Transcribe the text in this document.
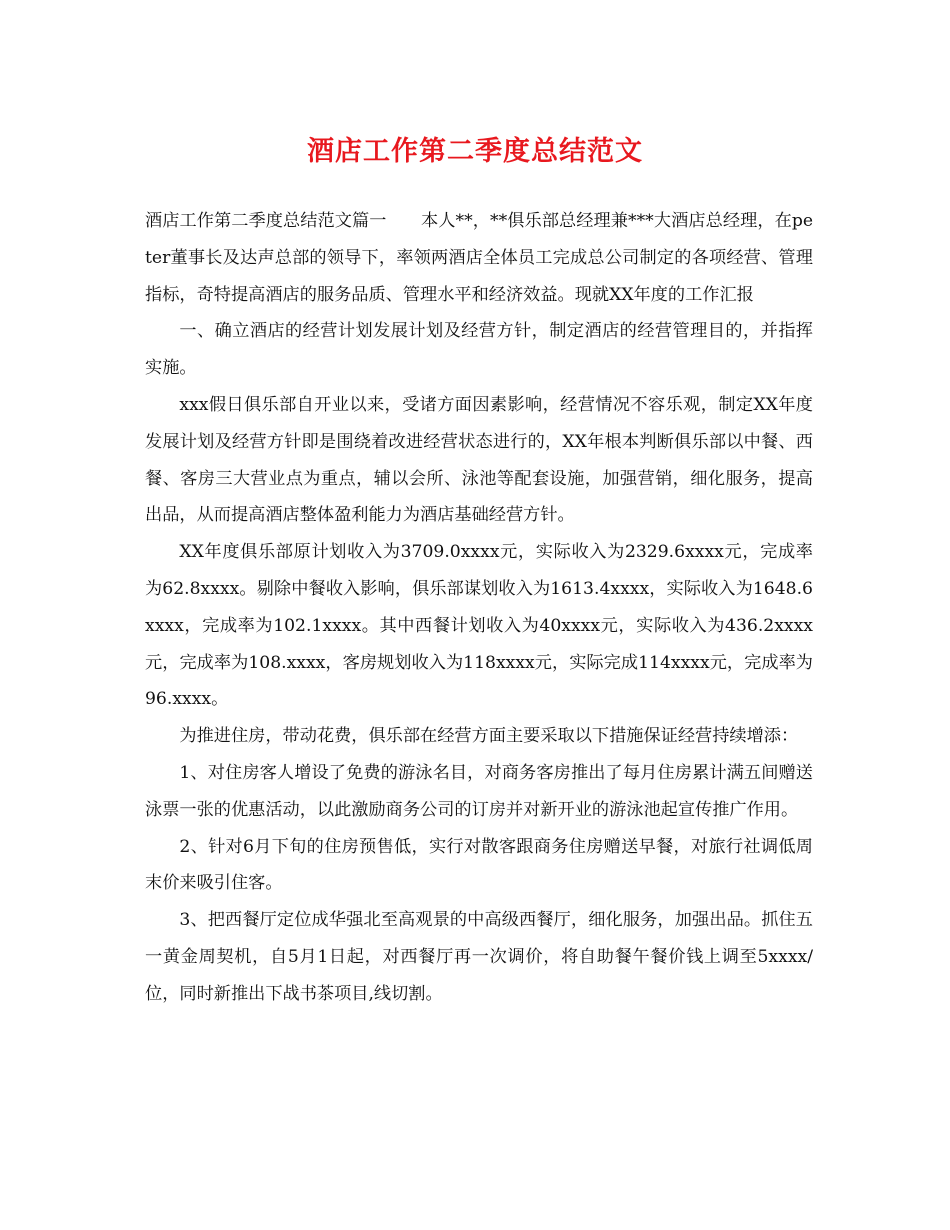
酒店工作第二季度总结范文

酒店工作第二季度总结范文篇一　　本人**，**俱乐部总经理兼***大酒店总经理，在peter董事长及达声总部的领导下，率领两酒店全体员工完成总公司制定的各项经营、管理指标，奇特提高酒店的服务品质、管理水平和经济效益。现就XX年度的工作汇报

一、确立酒店的经营计划发展计划及经营方针，制定酒店的经营管理目的，并指挥实施。

xxx假日俱乐部自开业以来，受诸方面因素影响，经营情况不容乐观，制定XX年度发展计划及经营方针即是围绕着改进经营状态进行的，XX年根本判断俱乐部以中餐、西餐、客房三大营业点为重点，辅以会所、泳池等配套设施，加强营销，细化服务，提高出品，从而提高酒店整体盈利能力为酒店基础经营方针。

XX年度俱乐部原计划收入为3709.0xxxx元，实际收入为2329.6xxxx元，完成率为62.8xxxx。剔除中餐收入影响，俱乐部谋划收入为1613.4xxxx，实际收入为1648.6xxxx，完成率为102.1xxxx。其中西餐计划收入为40xxxx元，实际收入为436.2xxxx元，完成率为108.xxxx，客房规划收入为118xxxx元，实际完成114xxxx元，完成率为96.xxxx。

为推进住房，带动花费，俱乐部在经营方面主要采取以下措施保证经营持续增添：

1、对住房客人增设了免费的游泳名目，对商务客房推出了每月住房累计满五间赠送泳票一张的优惠活动，以此激励商务公司的订房并对新开业的游泳池起宣传推广作用。

2、针对6月下旬的住房预售低，实行对散客跟商务住房赠送早餐，对旅行社调低周末价来吸引住客。

3、把西餐厅定位成华强北至高观景的中高级西餐厅，细化服务，加强出品。抓住五一黄金周契机，自5月1日起，对西餐厅再一次调价，将自助餐午餐价钱上调至5xxxx/位，同时新推出下战书茶项目,线切割。
